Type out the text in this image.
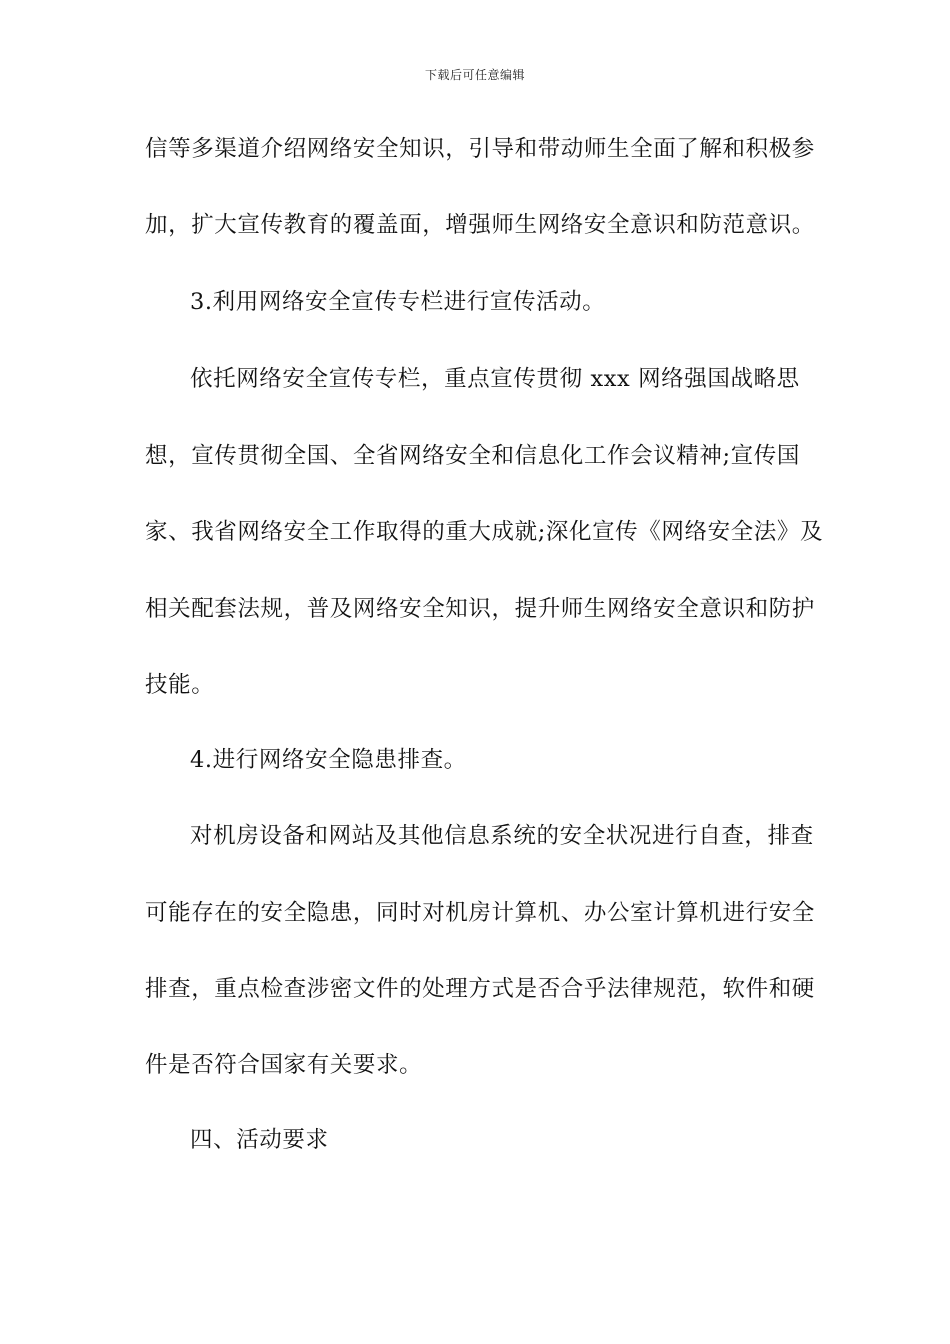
下载后可任意编辑
信等多渠道介绍网络安全知识，引导和带动师生全面了解和积极参
加，扩大宣传教育的覆盖面，增强师生网络安全意识和防范意识。
3.利用网络安全宣传专栏进行宣传活动。
依托网络安全宣传专栏，重点宣传贯彻 xxx 网络强国战略思
想，宣传贯彻全国、全省网络安全和信息化工作会议精神;宣传国
家、我省网络安全工作取得的重大成就;深化宣传《网络安全法》及
相关配套法规，普及网络安全知识，提升师生网络安全意识和防护
技能。
4.进行网络安全隐患排查。
对机房设备和网站及其他信息系统的安全状况进行自查，排查
可能存在的安全隐患，同时对机房计算机、办公室计算机进行安全
排查，重点检查涉密文件的处理方式是否合乎法律规范，软件和硬
件是否符合国家有关要求。
四、活动要求
